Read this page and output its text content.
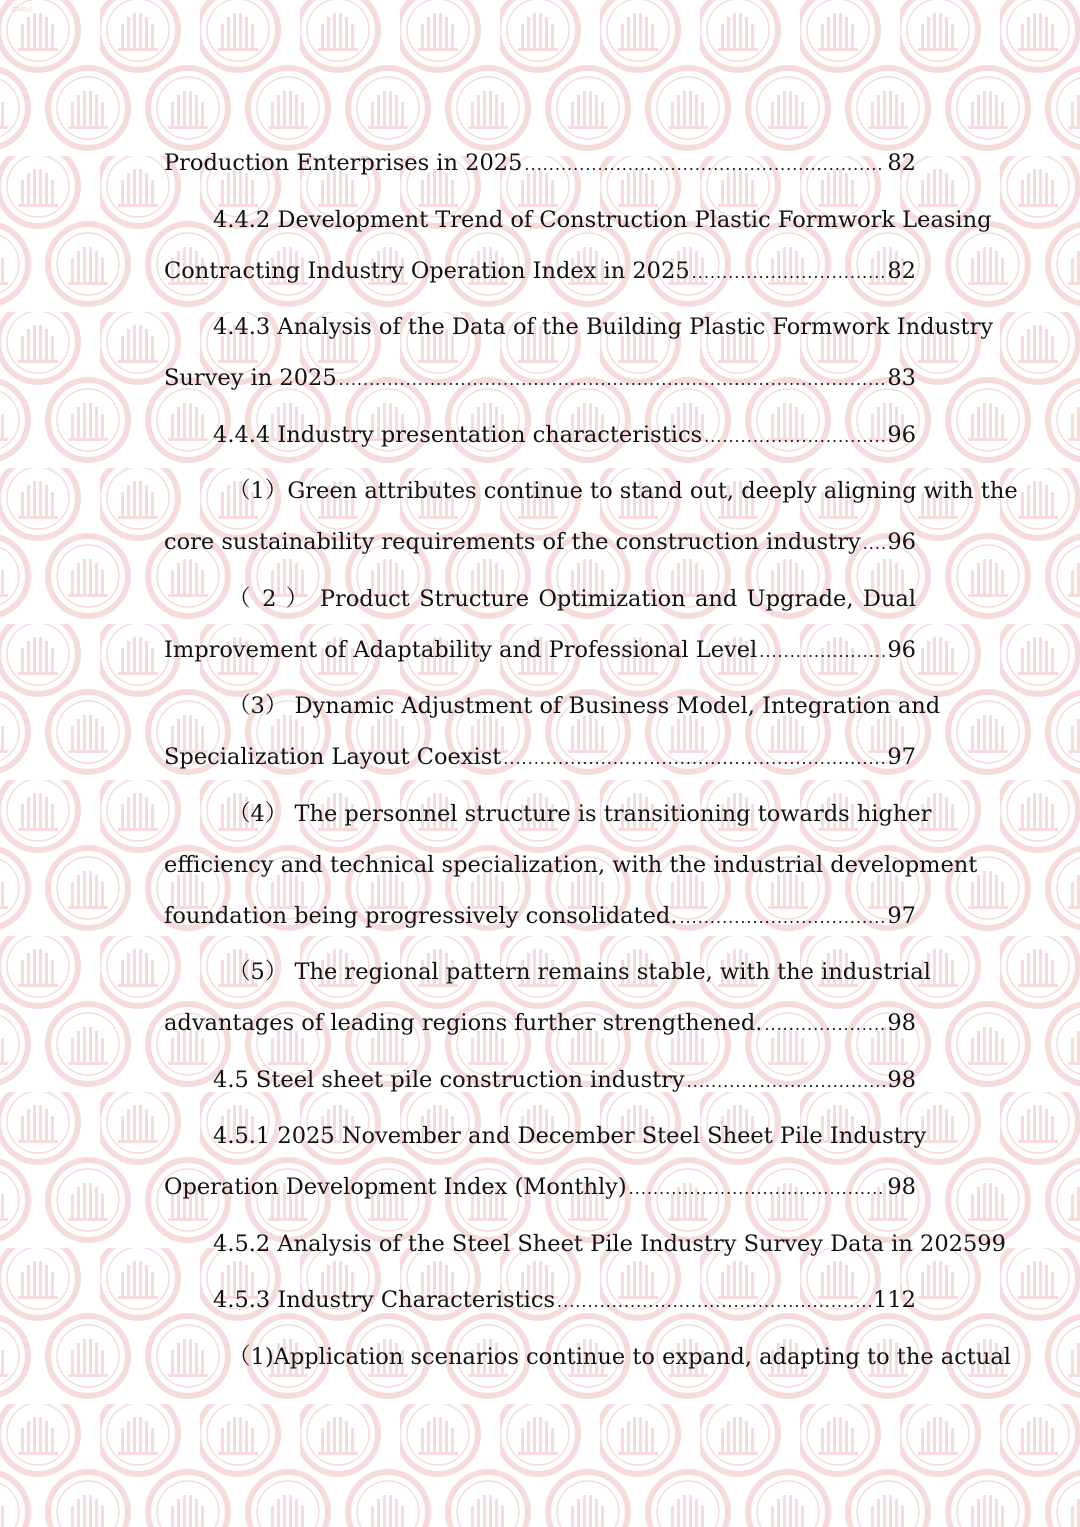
CMRA
Production Enterprises in 2025 .....	82
4.4.2 Development Trend of Construction Plastic Formwork Leasing
Contracting Industry Operation Index in 2025 .....	82
4.4.3 Analysis of the Data of the Building Plastic Formwork Industry
Survey in 2025 .....	83
4.4.4 Industry presentation characteristics .....	96
（1）Green attributes continue to stand out, deeply aligning with the
core sustainability requirements of the construction industry ..... 96
（ 2 ） Product Structure Optimization and Upgrade, Dual
Improvement of Adaptability and Professional Level .....	96
（3） Dynamic Adjustment of Business Model, Integration and
Specialization Layout Coexist .....	97
（4） The personnel structure is transitioning towards higher
efficiency and technical specialization, with the industrial development
foundation being progressively consolidated. .....	97
（5） The regional pattern remains stable, with the industrial
advantages of leading regions further strengthened. .....	98
4.5 Steel sheet pile construction industry .....	98
4.5.1 2025 November and December Steel Sheet Pile Industry
Operation Development Index (Monthly) .....	98
4.5.2 Analysis of the Steel Sheet Pile Industry Survey Data in 202599
4.5.3 Industry Characteristics .....	112
（1)Application scenarios continue to expand, adapting to the actual
